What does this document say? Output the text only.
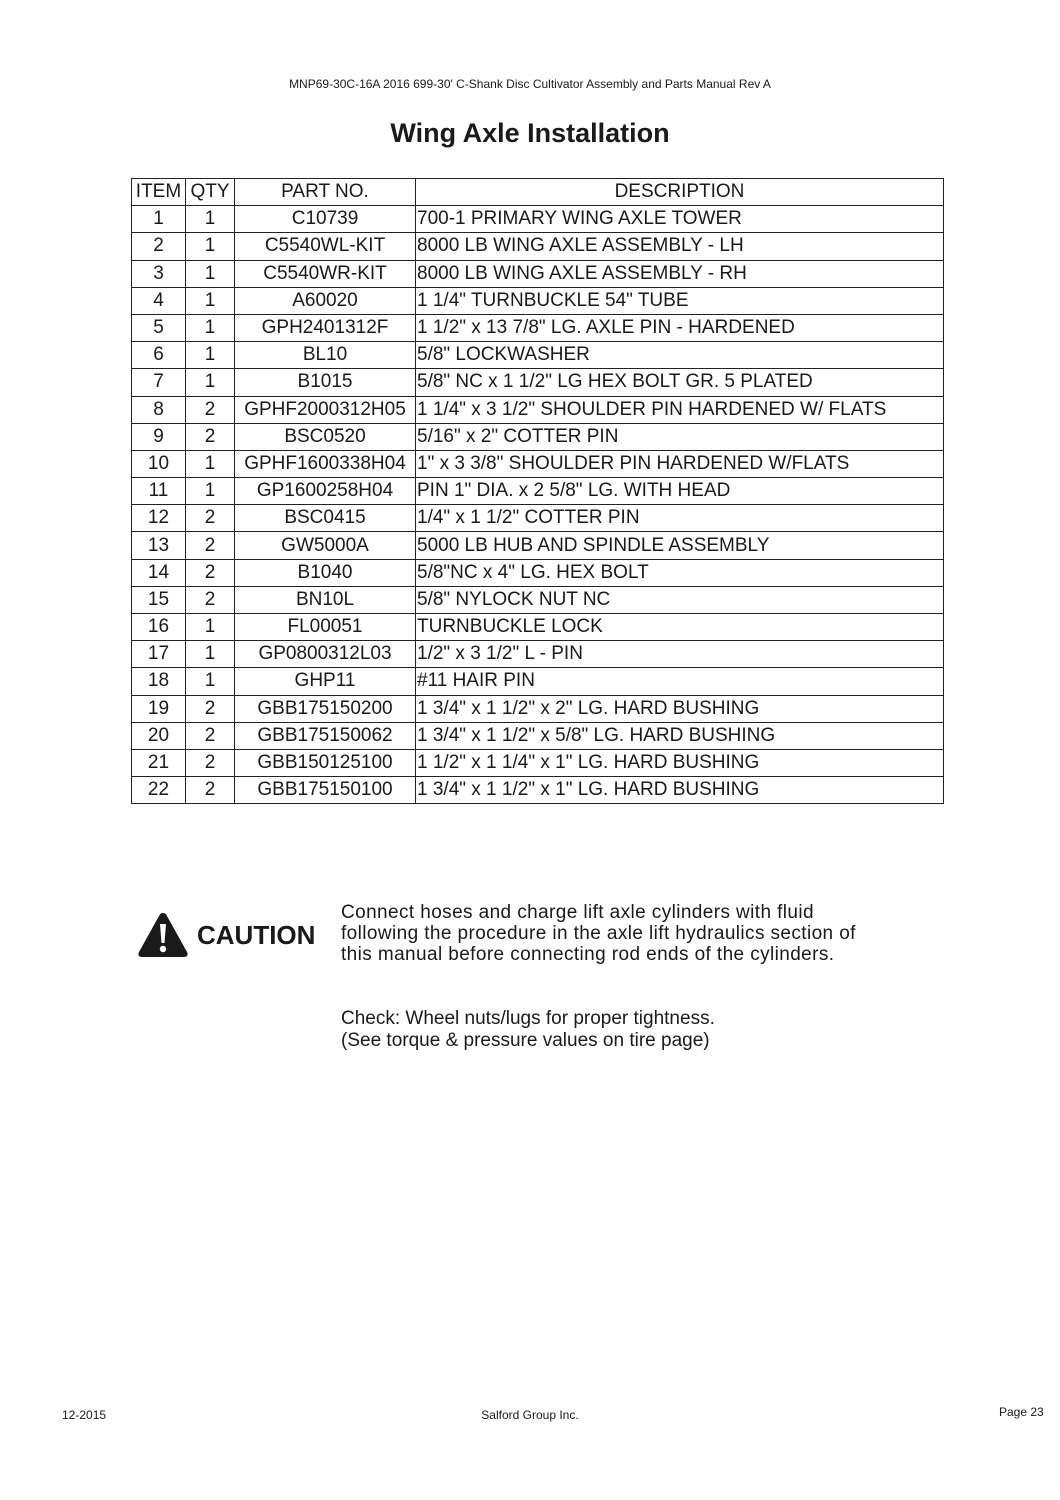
MNP69-30C-16A 2016 699-30' C-Shank Disc Cultivator Assembly and Parts Manual Rev A
Wing Axle Installation
ITEM	QTY	PART NO.	DESCRIPTION
1	1	C10739	700-1 PRIMARY WING AXLE TOWER
2	1	C5540WL-KIT	8000 LB WING AXLE ASSEMBLY - LH
3	1	C5540WR-KIT	8000 LB WING AXLE ASSEMBLY - RH
4	1	A60020	1 1/4" TURNBUCKLE 54" TUBE
5	1	GPH2401312F	1 1/2" x 13 7/8" LG. AXLE PIN - HARDENED
6	1	BL10	5/8" LOCKWASHER
7	1	B1015	5/8" NC x 1 1/2" LG HEX BOLT GR. 5 PLATED
8	2	GPHF2000312H05	1 1/4" x 3 1/2" SHOULDER PIN HARDENED W/ FLATS
9	2	BSC0520	5/16" x 2" COTTER PIN
10	1	GPHF1600338H04	1" x 3 3/8" SHOULDER PIN HARDENED W/FLATS
11	1	GP1600258H04	PIN 1" DIA. x 2 5/8" LG. WITH HEAD
12	2	BSC0415	1/4" x 1 1/2" COTTER PIN
13	2	GW5000A	5000 LB HUB AND SPINDLE ASSEMBLY
14	2	B1040	5/8"NC x 4" LG. HEX BOLT
15	2	BN10L	5/8" NYLOCK NUT NC
16	1	FL00051	TURNBUCKLE LOCK
17	1	GP0800312L03	1/2" x 3 1/2" L - PIN
18	1	GHP11	#11 HAIR PIN
19	2	GBB175150200	1 3/4" x 1 1/2" x 2" LG. HARD BUSHING
20	2	GBB175150062	1 3/4" x 1 1/2" x 5/8" LG. HARD BUSHING
21	2	GBB150125100	1 1/2" x 1 1/4" x 1" LG. HARD BUSHING
22	2	GBB175150100	1 3/4" x 1 1/2" x 1" LG. HARD BUSHING
CAUTION
Connect hoses and charge lift axle cylinders with fluid
following the procedure in the axle lift hydraulics section of
this manual before connecting rod ends of the cylinders.
Check: Wheel nuts/lugs for proper tightness.
(See torque & pressure values on tire page)
12-2015	Salford Group Inc.	Page 23
